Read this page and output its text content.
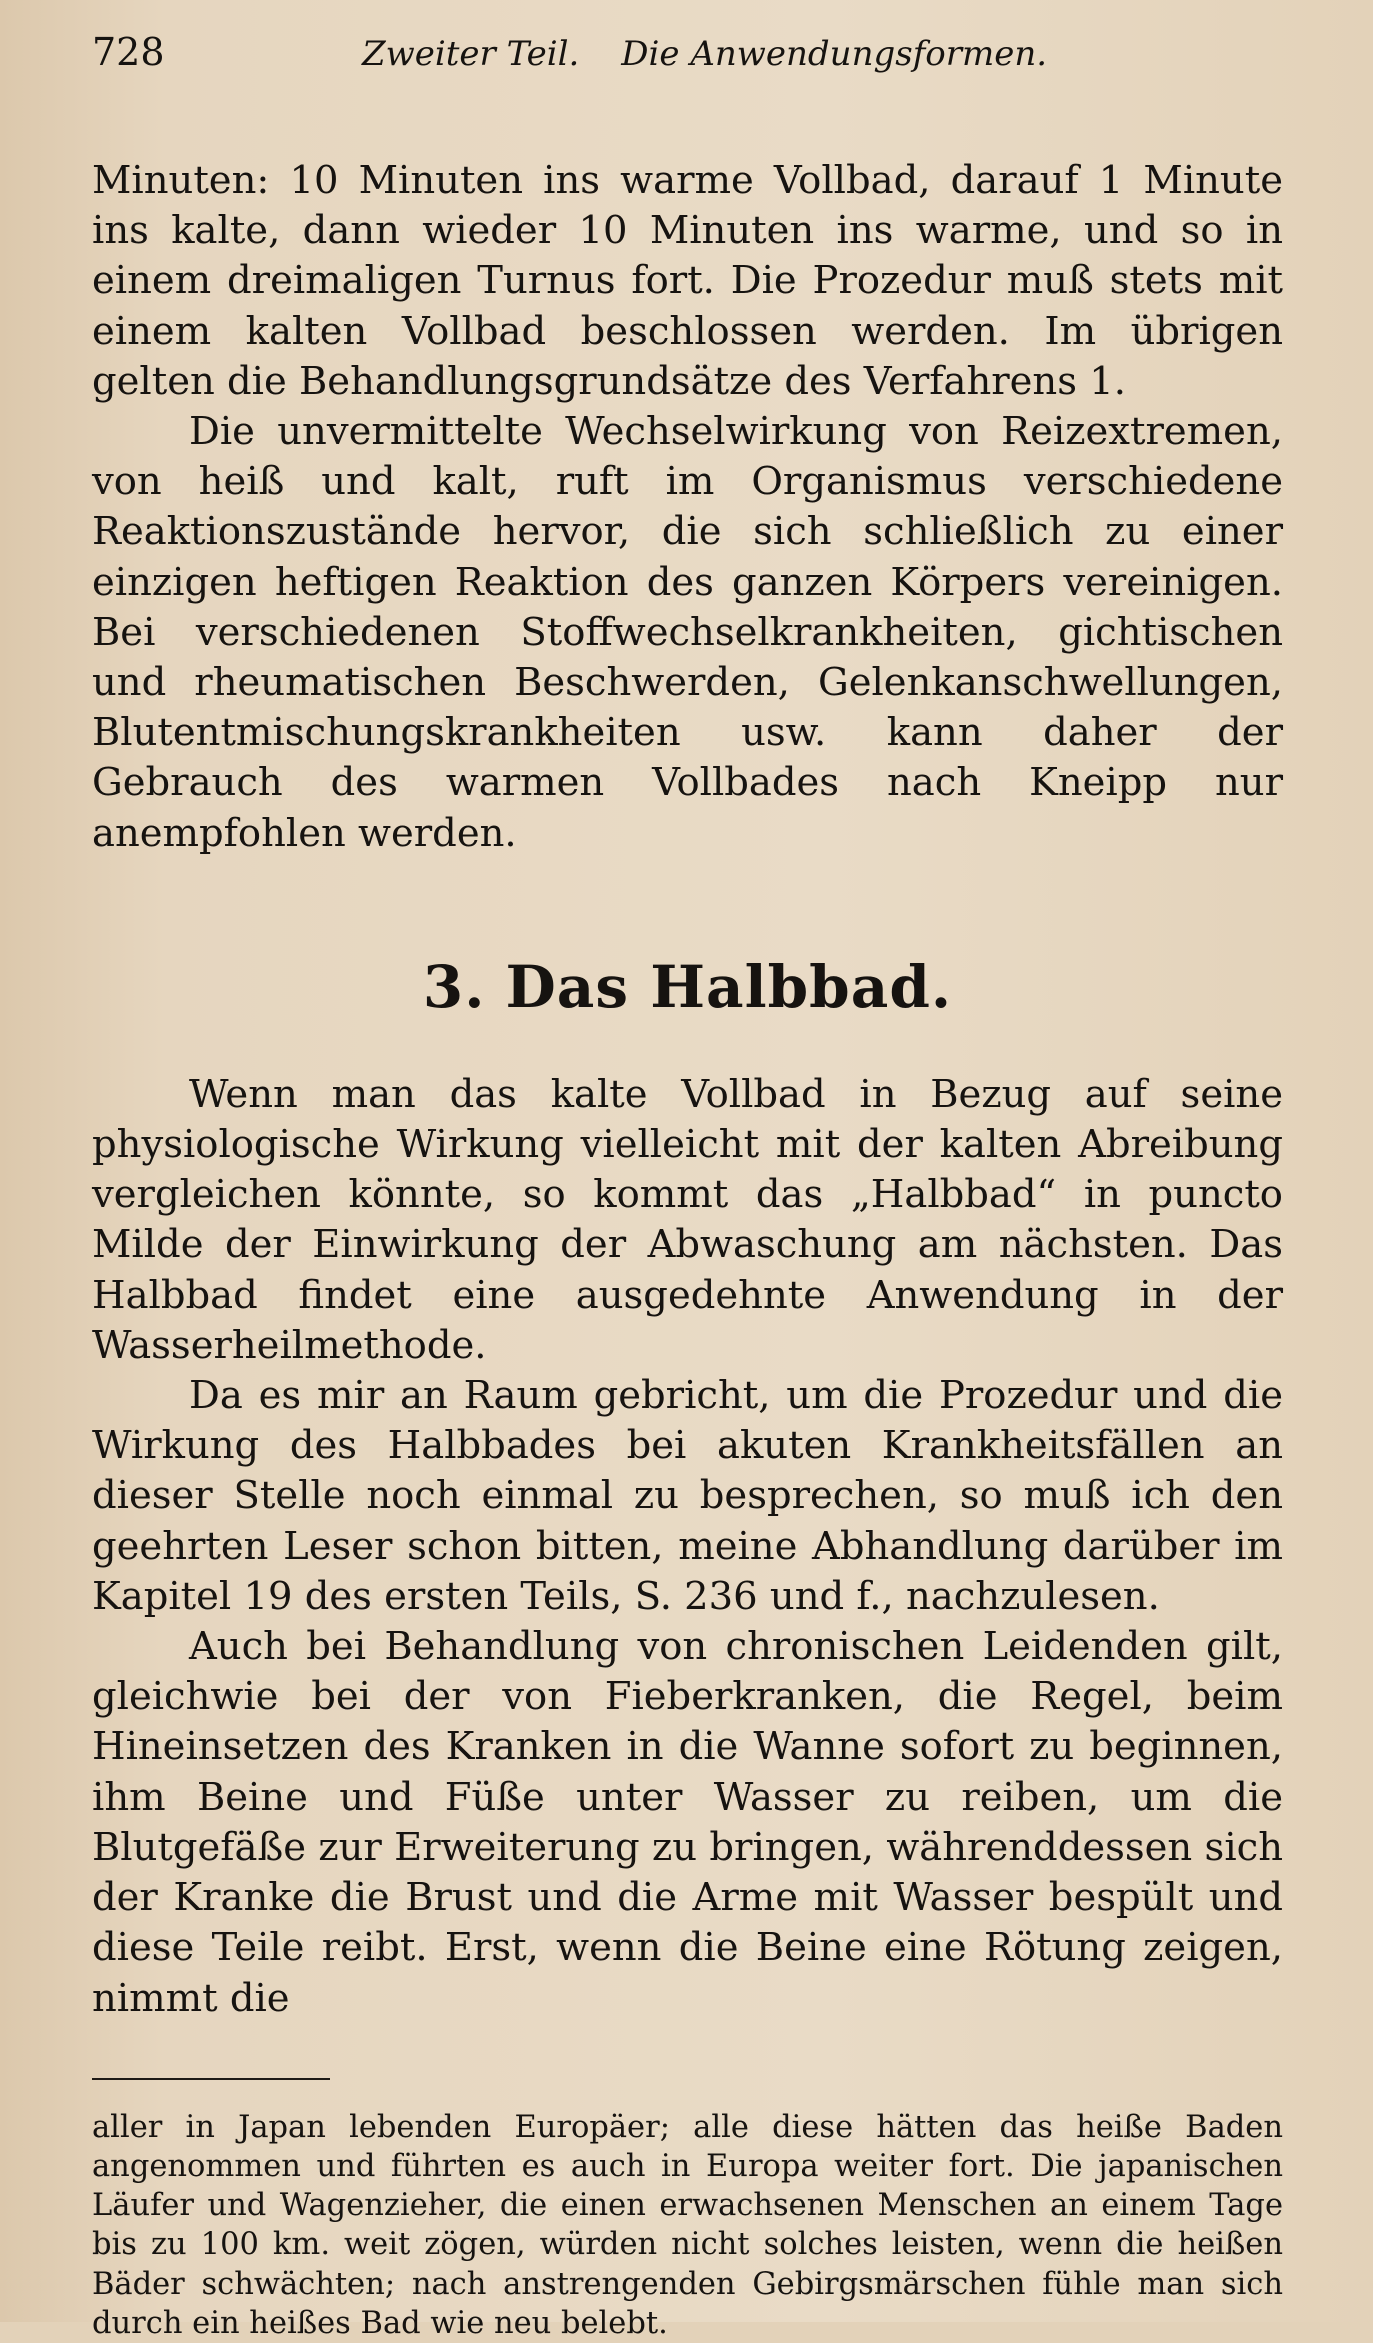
728	Zweiter Teil. Die Anwendungsformen.

Minuten: 10 Minuten ins warme Vollbad, darauf 1 Minute ins kalte, dann wieder 10 Minuten ins warme, und so in einem dreimaligen Turnus fort. Die Prozedur muß stets mit einem kalten Vollbad beschlossen werden. Im übrigen gelten die Behandlungsgrundsätze des Verfahrens 1.

Die unvermittelte Wechselwirkung von Reizextremen, von heiß und kalt, ruft im Organismus verschiedene Reaktionszustände hervor, die sich schließlich zu einer einzigen heftigen Reaktion des ganzen Körpers vereinigen. Bei verschiedenen Stoffwechselkrankheiten, gichtischen und rheumatischen Beschwerden, Gelenkanschwellungen, Blutentmischungskrankheiten usw. kann daher der Gebrauch des warmen Vollbades nach Kneipp nur anempfohlen werden.

3. Das Halbbad.

Wenn man das kalte Vollbad in Bezug auf seine physiologische Wirkung vielleicht mit der kalten Abreibung vergleichen könnte, so kommt das „Halbbad“ in puncto Milde der Einwirkung der Abwaschung am nächsten. Das Halbbad findet eine ausgedehnte Anwendung in der Wasserheilmethode.

Da es mir an Raum gebricht, um die Prozedur und die Wirkung des Halbbades bei akuten Krankheitsfällen an dieser Stelle noch einmal zu besprechen, so muß ich den geehrten Leser schon bitten, meine Abhandlung darüber im Kapitel 19 des ersten Teils, S. 236 und f., nachzulesen.

Auch bei Behandlung von chronischen Leidenden gilt, gleichwie bei der von Fieberkranken, die Regel, beim Hineinsetzen des Kranken in die Wanne sofort zu beginnen, ihm Beine und Füße unter Wasser zu reiben, um die Blutgefäße zur Erweiterung zu bringen, währenddessen sich der Kranke die Brust und die Arme mit Wasser bespült und diese Teile reibt. Erst, wenn die Beine eine Rötung zeigen, nimmt die

aller in Japan lebenden Europäer; alle diese hätten das heiße Baden angenommen und führten es auch in Europa weiter fort. Die japanischen Läufer und Wagenzieher, die einen erwachsenen Menschen an einem Tage bis zu 100 km. weit zögen, würden nicht solches leisten, wenn die heißen Bäder schwächten; nach anstrengenden Gebirgsmärschen fühle man sich durch ein heißes Bad wie neu belebt.
